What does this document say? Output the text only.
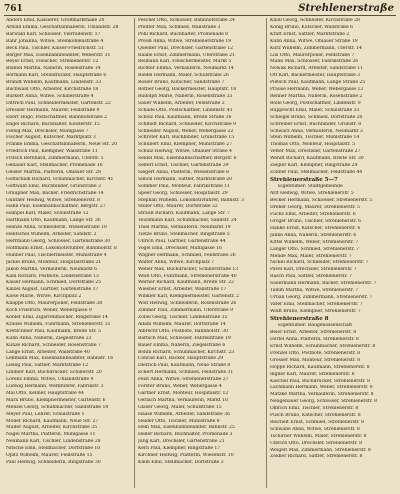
761	Strehlenerstraße
Anders Emil, Kassierer, Großmarkthalle 20
Arnold Emma, Geschäftsinhaberin, Uhlandstr. 28
Bärwald Karl, Schlosser, Vierradenstr. 17
Bahr Johanna, Witwe, Steinkohlenstraße 4
Beck Paul, Tischler, Kaiser-Friedrichstr. 51
Berger Max, Eisenbahnbeamter, Weberstr. 31
Beyer Ernst, Fleischer, Strehlenerstr. 12
Blümel Martha, Näherin, Rosenstraße 14
Bormann Karl, Steindrucker, Hauptstraße 6
Brandt Wilhelm, Kaufmann, Lindenstr. 33
Buchwald Otto, Arbeiter, Kirchstraße 18
Burkert Anna, Witwe, Schillerstraße 4
Dittrich Paul, Schneidermeister, Gartenstr. 22
Dressler Hermann, Maurer, Feldstraße 9
Ebert Hugo, Postschaffner, Bahnhofstraße 2
Engel Richard, Buchhalter, Klosterstr. 15
Fiebig Max, Drechsler, Mühlgasse 7
Fischer August, Kutscher, Marktplatz 3
Franke Emma, Geschäftsinhaberin, Neue Str. 20
Friedrich Paul, Klempner, Wallstraße 11
Fritsch Bernhard, Zimmermann, Uferstr. 5
Gebauer Karl, Stellmacher, Promenade 16
Geisler Martha, Plätterin, Ohlauer Str. 28
Gottschalk Richard, Schuhmacher, Kirchstr. 41
Gottwald Emil, Buchbinder, Grünstraße 3
Graupner Max, Bäcker, Friedrichstraße 14
Günther Hedwig, Witwe, Strehlenerstr. 8
Hahn Paul, Eisenbahnschaffner, Bergstr. 27
Hampel Karl, Maler, Schulstraße 12
Hartmann Otto, Kaufmann, Lange Str. 36
Heinze Anna, Schneiderin, Wiesenstraße 19
Hentschel Wilhelm, Arbeiter, Sandstr. 2
Herrmann Georg, Schlosser, Gartenstraße 30
Hoffmann Ernst, Lokomotivführer, Bahnhofstr. 8
Hübner Paul, Tischlermeister, Mühlstraße 4
Jäckel Bruno, Monteur, Hospitalstraße 21
Jakob Martha, Verkäuferin, Neumarkt 6
Kahl Richard, Postbote, Lindenstraße 13
Kaiser Hermann, Schmied, Dorfstraße 25
Kinzel August, Gärtner, Gartenstraße 17
Klose Marie, Witwe, Kirchplatz 2
Knappe Otto, Maurerpolier, Feldstraße 38
Koch Friedrich, Weber, Webergasse 9
Köhler Emil, Zigarrenmacher, Ringstraße 14
Krause Wilhelm, Fuhrmann, Strehlenerstr. 31
Kretschmer Paul, Kaufmann, Breite Str. 5
Kühn Anna, Näherin, Ziegelstraße 23
Kunze Richard, Schneider, Rosenstraße 7
Lange Ernst, Arbeiter, Wallstraße 40
Lehmann Max, Eisenbahnbeamter, Bahnstr. 16
Liebig Paul, Sattler, Marktstraße 12
Lindner Karl, Buchdrucker, Schillerstr. 20
Lorenz Emma, Witwe, Uhlandstraße 9
Ludwig Hermann, Werkführer, Fabrikstr. 3
Mai Otto, Kellner, Hauptstraße 44
Marx Bruno, Klempnermeister, Gartenstr. 6
Menzel Georg, Schuhmacher, Sandstraße 18
Meyer Paul, Lehrer, Schulstraße 1
Möller Richard, Kaufmann, Neue Str. 27
Müller August, Arbeiter, Kirchstraße 35
Nagel Martha, Plätterin, Mühlgasse 11
Neumann Karl, Tischler, Lindenstraße 28
Nitsche Emil, Stellmacher, Dorfstraße 10
Opitz Wilhelm, Maurer, Feldstraße 15
Paul Hedwig, Schneiderin, Ringstraße 30
Peschel Otto, Schlosser, Bahnhofstraße 24
Pfeiffer Max, Schmied, Wallstraße 3
Pohl Richard, Buchhalter, Promenade 8
Preuß Anna, Witwe, Strehlenerstraße 19
Queißer Paul, Drechsler, Gartenstraße 12
Raabe Ernst, Zimmermann, Uferstraße 21
Reimann Karl, Fleischermeister, Markt 5
Richter Emma, Verkäuferin, Neumarkt 14
Riedel Hermann, Maler, Schulstraße 26
Rösler Bruno, Kutscher, Sandstraße 7
Rother Georg, Bäckermeister, Hauptstr. 18
Rudolph Marie, Näherin, Rosenstraße 33
Sauer Wilhelm, Arbeiter, Feldstraße 2
Schade Otto, Postschaffner, Lindenstr. 41
Scholz Paul, Kaufmann, Breite Straße 16
Schmidt Richard, Schneider, Kirchstraße 9
Schneider August, Weber, Webergasse 22
Schröter Karl, Buchbinder, Grünstraße 15
Schubert Emil, Klempner, Mühlstraße 27
Schulz Hedwig, Witwe, Ohlauer Straße 4
Seidel Max, Eisenbahnschaffner, Bergstr. 6
Seifert Ernst, Tischler, Gartenstraße 39
Siegert Anna, Plätterin, Wiesenstraße 8
Simon Hermann, Sattler, Marktstraße 20
Sommer Paul, Monteur, Fabrikstraße 11
Speer Georg, Schlosser, Hospitalstr. 29
Stephan Wilhelm, Lokomotivführer, Bahnstr. 3
Stiller Otto, Maurer, Dorfstraße 32
Strauß Richard, Kaufmann, Lange Str. 7
Teichmann Karl, Schuhmacher, Sandstr. 24
Thiel Martha, Verkäuferin, Neumarkt 19
Tietze Bruno, Stellmacher, Ringstraße 5
Ullrich Paul, Gärtner, Gartenstraße 44
Vogel Emil, Drechsler, Mühlgasse 16
Wagner Hermann, Schmied, Feldstraße 26
Walter Anna, Witwe, Kirchplatz 7
Weber Max, Buchdrucker, Schillerstraße 13
Weiß Otto, Fuhrmann, Strehlenerstraße 40
Werner Richard, Kaufmann, Breite Str. 22
Wiesner Ernst, Arbeiter, Wallstraße 17
Winkler Karl, Klempnermeister, Gartenstr. 2
Wolf Hedwig, Schneiderin, Rosenstraße 26
Zimmer Paul, Zimmermann, Uferstraße 9
Zobel Georg, Tischler, Lindenstraße 35
Adam Wilhelm, Maurer, Dorfstraße 14
Albrecht Otto, Postbote, Bahnhofstr. 30
Bartsch Max, Schlosser, Fabrikstraße 19
Bauer Emma, Näherin, Ziegelstraße 6
Böhm Richard, Schuhmacher, Kirchstr. 23
Conrad Karl, Bäcker, Hauptstraße 29
Dietrich Paul, Kaufmann, Neue Straße 8
Eckert Hermann, Schmied, Feldstraße 31
Feist Anna, Witwe, Strehlenerstraße 27
Förster Bruno, Weber, Webergasse 4
Gärtner Ernst, Monteur, Hospitalstr. 12
Gerlach Martha, Verkäuferin, Markt 10
Glaser Georg, Maler, Schulstraße 15
Haase Wilhelm, Arbeiter, Sandstraße 36
Heider Otto, Tischler, Mühlstraße 8
Hein Max, Eisenbahnbeamter, Bahnstr. 25
Heller Richard, Buchhalter, Promenade 3
Jung Karl, Drechsler, Gartenstraße 21
Kern Paul, Klempner, Ringstraße 17
Kirchner Hedwig, Plätterin, Wiesenstr. 10
Klein Emil, Stellmacher, Dorfstraße 3
Knoll Georg, Schneider, Kirchstraße 28
König Bruno, Kutscher, Wallstraße 6
Kraft Ernst, Sattler, Marktstraße 2
Kuhn Anna, Witwe, Ohlauer Straße 19
Kurz Wilhelm, Zimmermann, Uferstr. 14
Lux Otto, Maurerpolier, Feldstraße 7
Mann Max, Schlosser, Fabrikstraße 26
Nowak Richard, Arbeiter, Sandstraße 11
Ott Karl, Bäckermeister, Hauptstraße 3
Pietsch Paul, Kaufmann, Lange Straße 25
Prause Hermann, Weber, Webergasse 13
Renner Martha, Näherin, Rosenstraße 2
Rolle Georg, Postschaffner, Lindenstr. 9
Rupprecht Emil, Maler, Schulstraße 33
Schlegel Bruno, Schmied, Dorfstraße 20
Schreiber Ernst, Buchbinder, Grünstr. 8
Schwarz Anna, Verkäuferin, Neumarkt 3
Stein Wilhelm, Tischler, Mühlstraße 14
Thomas Otto, Monteur, Hospitalstr. 5
Vetter Max, Drechsler, Gartenstraße 27
Wendt Richard, Kaufmann, Breite Str. 30
Ziegler Karl, Klempner, Ringstraße 24
Zöllner Paul, Stellmacher, Feldstraße 44
Strehlenerstraße 5—7
Eigentümer: Stadtgemeinde
Arlt Hedwig, Witwe, Strehlenerstr. 5
Becker Hermann, Schlosser, Strehlenerstr. 5
Dreher Georg, Maurer, Strehlenerstr. 5
Fuchs Emil, Arbeiter, Strehlenerstr. 6
Gröger Bruno, Tischler, Strehlenerstr. 6
Hanke Ernst, Kutscher, Strehlenerstr. 6
Janke Anna, Näherin, Strehlenerstr. 6
Kittel Wilhelm, Weber, Strehlenerstr. 7
Langer Otto, Schmied, Strehlenerstr. 7
Mende Max, Maler, Strehlenerstr. 7
Nickel Richard, Schneider, Strehlenerstr. 7
Pavel Karl, Drechsler, Strehlenerstr. 7
Rasch Paul, Sattler, Strehlenerstr. 7
Sauermann Hermann, Bäcker, Strehlenerstr. 7
Tamm Martha, Witwe, Strehlenerstr. 7
Urban Georg, Zimmermann, Strehlenerstr. 7
Vater Emil, Stellmacher, Strehlenerstr. 7
Wolff Bruno, Klempner, Strehlenerstr. 7
Strehlenerstraße 8
Eigentümer: Baugenossenschaft
Beier Ernst, Arbeiter, Strehlenerstr. 8
Dörfel Anna, Plätterin, Strehlenerstr. 8
Ernst Wilhelm, Schuhmacher, Strehlenerstr. 8
Frenzel Otto, Postbote, Strehlenerstr. 8
Grosser Max, Monteur, Strehlenerstr. 8
Hoppe Richard, Kaufmann, Strehlenerstr. 8
Illgner Karl, Maurer, Strehlenerstr. 8
Kaschel Paul, Buchdrucker, Strehlenerstr. 8
Lachmann Hermann, Weber, Strehlenerstr. 8
Matzke Martha, Verkäuferin, Strehlenerstr. 8
Neugebauer Georg, Schlosser, Strehlenerstr. 8
Olbrich Emil, Tischler, Strehlenerstr. 8
Pusch Bruno, Kutscher, Strehlenerstr. 8
Reichelt Ernst, Schmied, Strehlenerstr. 8
Schwabe Anna, Witwe, Strehlenerstr. 8
Tschirner Wilhelm, Maler, Strehlenerstr. 8
Ulbrich Otto, Drechsler, Strehlenerstr. 8
Weigelt Max, Zimmermann, Strehlenerstr. 8
Zeidler Richard, Sattler, Strehlenerstr. 8
